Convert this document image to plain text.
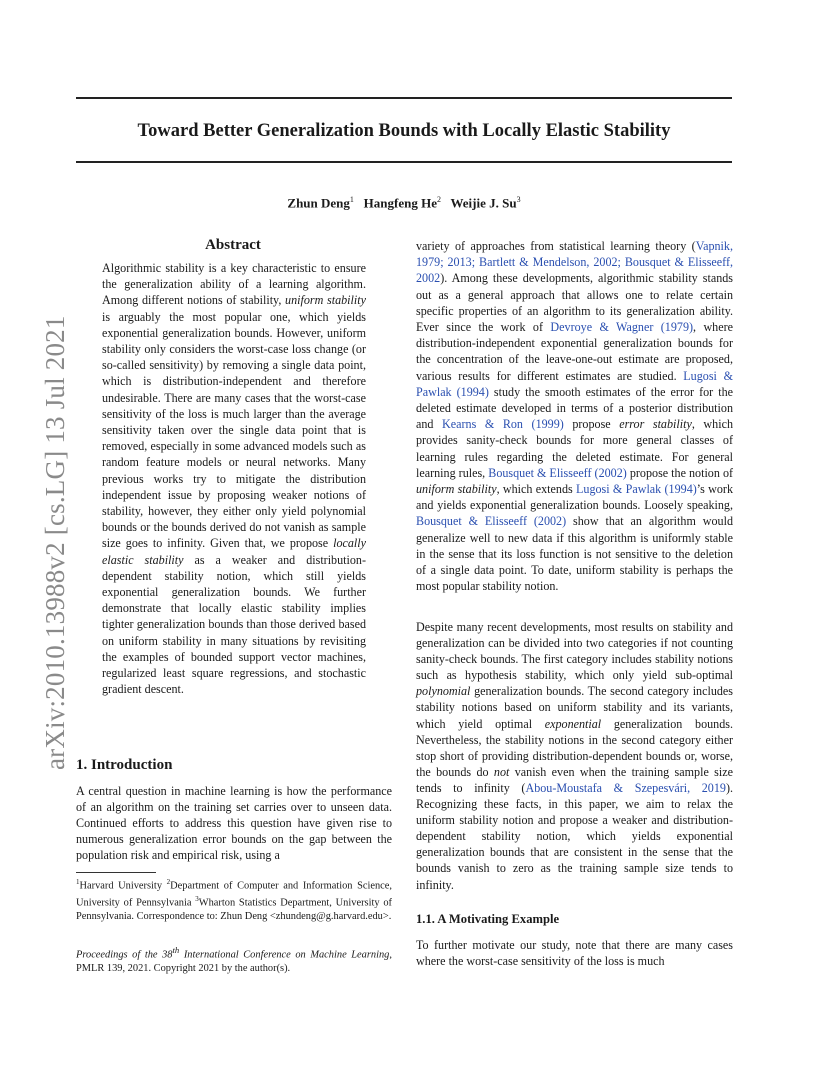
arXiv:2010.13988v2 [cs.LG] 13 Jul 2021
Toward Better Generalization Bounds with Locally Elastic Stability
Zhun Deng$^1$ Hangfeng He$^2$ Weijie J. Su$^3$
Abstract
Algorithmic stability is a key characteristic to ensure the generalization ability of a learning algorithm. Among different notions of stability, uniform stability is arguably the most popular one, which yields exponential generalization bounds. However, uniform stability only considers the worst-case loss change (or so-called sensitivity) by removing a single data point, which is distribution-independent and therefore undesirable. There are many cases that the worst-case sensitivity of the loss is much larger than the average sensitivity taken over the single data point that is removed, especially in some advanced models such as random feature models or neural networks. Many previous works try to mitigate the distribution independent issue by proposing weaker notions of stability, however, they either only yield polynomial bounds or the bounds derived do not vanish as sample size goes to infinity. Given that, we propose locally elastic stability as a weaker and distribution-dependent stability notion, which still yields exponential generalization bounds. We further demonstrate that locally elastic stability implies tighter generalization bounds than those derived based on uniform stability in many situations by revisiting the examples of bounded support vector machines, regularized least square regressions, and stochastic gradient descent.
1. Introduction
A central question in machine learning is how the performance of an algorithm on the training set carries over to unseen data. Continued efforts to address this question have given rise to numerous generalization error bounds on the gap between the population risk and empirical risk, using a
$^1$Harvard University $^2$Department of Computer and Information Science, University of Pennsylvania $^3$Wharton Statistics Department, University of Pennsylvania. Correspondence to: Zhun Deng <zhundeng@g.harvard.edu>.
Proceedings of the 38th International Conference on Machine Learning, PMLR 139, 2021. Copyright 2021 by the author(s).
variety of approaches from statistical learning theory (Vapnik, 1979; 2013; Bartlett & Mendelson, 2002; Bousquet & Elisseeff, 2002). Among these developments, algorithmic stability stands out as a general approach that allows one to relate certain specific properties of an algorithm to its generalization ability. Ever since the work of Devroye & Wagner (1979), where distribution-independent exponential generalization bounds for the concentration of the leave-one-out estimate are proposed, various results for different estimates are studied. Lugosi & Pawlak (1994) study the smooth estimates of the error for the deleted estimate developed in terms of a posterior distribution and Kearns & Ron (1999) propose error stability, which provides sanity-check bounds for more general classes of learning rules regarding the deleted estimate. For general learning rules, Bousquet & Elisseeff (2002) propose the notion of uniform stability, which extends Lugosi & Pawlak (1994)’s work and yields exponential generalization bounds. Loosely speaking, Bousquet & Elisseeff (2002) show that an algorithm would generalize well to new data if this algorithm is uniformly stable in the sense that its loss function is not sensitive to the deletion of a single data point. To date, uniform stability is perhaps the most popular stability notion.
Despite many recent developments, most results on stability and generalization can be divided into two categories if not counting sanity-check bounds. The first category includes stability notions such as hypothesis stability, which only yield sub-optimal polynomial generalization bounds. The second category includes stability notions based on uniform stability and its variants, which yield optimal exponential generalization bounds. Nevertheless, the stability notions in the second category either stop short of providing distribution-dependent bounds or, worse, the bounds do not vanish even when the training sample size tends to infinity (Abou-Moustafa & Szepesvári, 2019). Recognizing these facts, in this paper, we aim to relax the uniform stability notion and propose a weaker and distribution-dependent stability notion, which yields exponential generalization bounds that are consistent in the sense that the bounds vanish to zero as the training sample size tends to infinity.
1.1. A Motivating Example
To further motivate our study, note that there are many cases where the worst-case sensitivity of the loss is much
